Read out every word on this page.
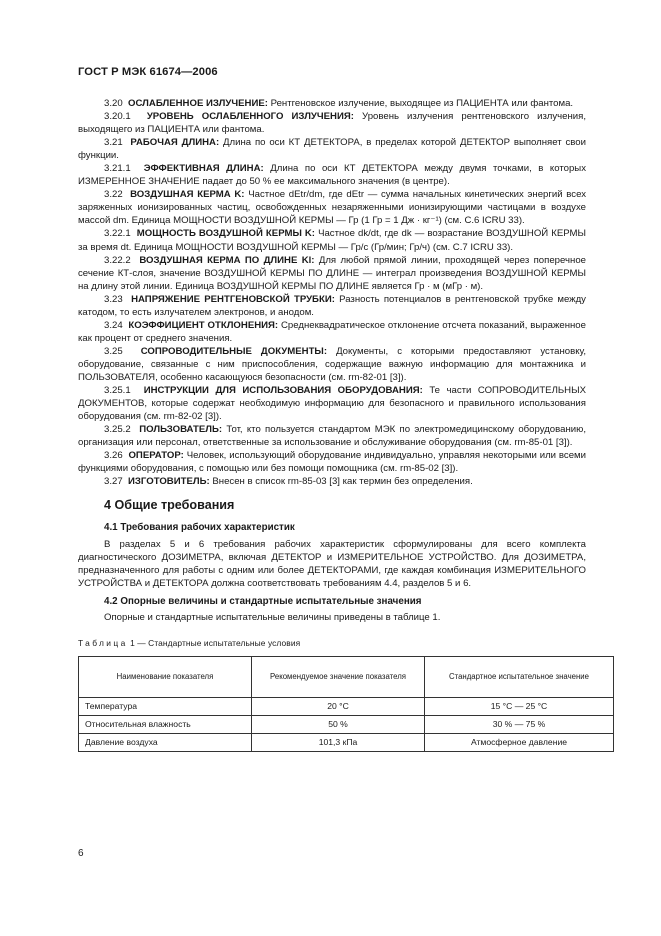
ГОСТ Р МЭК 61674—2006

3.20 ОСЛАБЛЕННОЕ ИЗЛУЧЕНИЕ: Рентгеновское излучение, выходящее из ПАЦИЕНТА или фантома.

3.20.1 УРОВЕНЬ ОСЛАБЛЕННОГО ИЗЛУЧЕНИЯ: Уровень излучения рентгеновского излучения, выходящего из ПАЦИЕНТА или фантома.

3.21 РАБОЧАЯ ДЛИНА: Длина по оси КТ ДЕТЕКТОРА, в пределах которой ДЕТЕКТОР выполняет свои функции.

3.21.1 ЭФФЕКТИВНАЯ ДЛИНА: Длина по оси КТ ДЕТЕКТОРА между двумя точками, в которых ИЗМЕРЕННОЕ ЗНАЧЕНИЕ падает до 50 % ее максимального значения (в центре).

3.22 ВОЗДУШНАЯ КЕРМА K: Частное dEtr/dm, где dEtr — сумма начальных кинетических энергий всех заряженных ионизированных частиц, освобожденных незаряженными ионизирующими частицами в воздухе массой dm. Единица МОЩНОСТИ ВОЗДУШНОЙ КЕРМЫ — Гр (1 Гр = 1 Дж · кг⁻¹) (см. С.6 ICRU 33).

3.22.1 МОЩНОСТЬ ВОЗДУШНОЙ КЕРМЫ K: Частное dk/dt, где dk — возрастание ВОЗДУШНОЙ КЕРМЫ за время dt. Единица МОЩНОСТИ ВОЗДУШНОЙ КЕРМЫ — Гр/с (Гр/мин; Гр/ч) (см. С.7 ICRU 33).

3.22.2 ВОЗДУШНАЯ КЕРМА ПО ДЛИНЕ Kl: Для любой прямой линии, проходящей через поперечное сечение КТ-слоя, значение ВОЗДУШНОЙ КЕРМЫ ПО ДЛИНЕ — интеграл произведения ВОЗДУШНОЙ КЕРМЫ на длину этой линии. Единица ВОЗДУШНОЙ КЕРМЫ ПО ДЛИНЕ является Гр · м (мГр · м).

3.23 НАПРЯЖЕНИЕ РЕНТГЕНОВСКОЙ ТРУБКИ: Разность потенциалов в рентгеновской трубке между катодом, то есть излучателем электронов, и анодом.

3.24 КОЭФФИЦИЕНТ ОТКЛОНЕНИЯ: Среднеквадратическое отклонение отсчета показаний, выраженное как процент от среднего значения.

3.25 СОПРОВОДИТЕЛЬНЫЕ ДОКУМЕНТЫ: Документы, с которыми предоставляют установку, оборудование, связанные с ним приспособления, содержащие важную информацию для монтажника и ПОЛЬЗОВАТЕЛЯ, особенно касающуюся безопасности (см. rm-82-01 [3]).

3.25.1 ИНСТРУКЦИИ ДЛЯ ИСПОЛЬЗОВАНИЯ ОБОРУДОВАНИЯ: Те части СОПРОВОДИТЕЛЬНЫХ ДОКУМЕНТОВ, которые содержат необходимую информацию для безопасного и правильного использования оборудования (см. rm-82-02 [3]).

3.25.2 ПОЛЬЗОВАТЕЛЬ: Тот, кто пользуется стандартом МЭК по электромедицинскому оборудованию, организация или персонал, ответственные за использование и обслуживание оборудования (см. rm-85-01 [3]).

3.26 ОПЕРАТОР: Человек, использующий оборудование индивидуально, управляя некоторыми или всеми функциями оборудования, с помощью или без помощи помощника (см. rm-85-02 [3]).

3.27 ИЗГОТОВИТЕЛЬ: Внесен в список rm-85-03 [3] как термин без определения.

4 Общие требования
4.1 Требования рабочих характеристик

В разделах 5 и 6 требования рабочих характеристик сформулированы для всего комплекта диагностического ДОЗИМЕТРА, включая ДЕТЕКТОР и ИЗМЕРИТЕЛЬНОЕ УСТРОЙСТВО. Для ДОЗИМЕТРА, предназначенного для работы с одним или более ДЕТЕКТОРАМИ, где каждая комбинация ИЗМЕРИТЕЛЬНОГО УСТРОЙСТВА и ДЕТЕКТОРА должна соответствовать требованиям 4.4, разделов 5 и 6.

4.2 Опорные величины и стандартные испытательные значения

Опорные и стандартные испытательные величины приведены в таблице 1.

Таблица 1 — Стандартные испытательные условия
Наименование показателя	Рекомендуемое значение показателя	Стандартное испытательное значение
Температура	20 °С	15 °С — 25 °С
Относительная влажность	50 %	30 % — 75 %
Давление воздуха	101,3 кПа	Атмосферное давление
6
